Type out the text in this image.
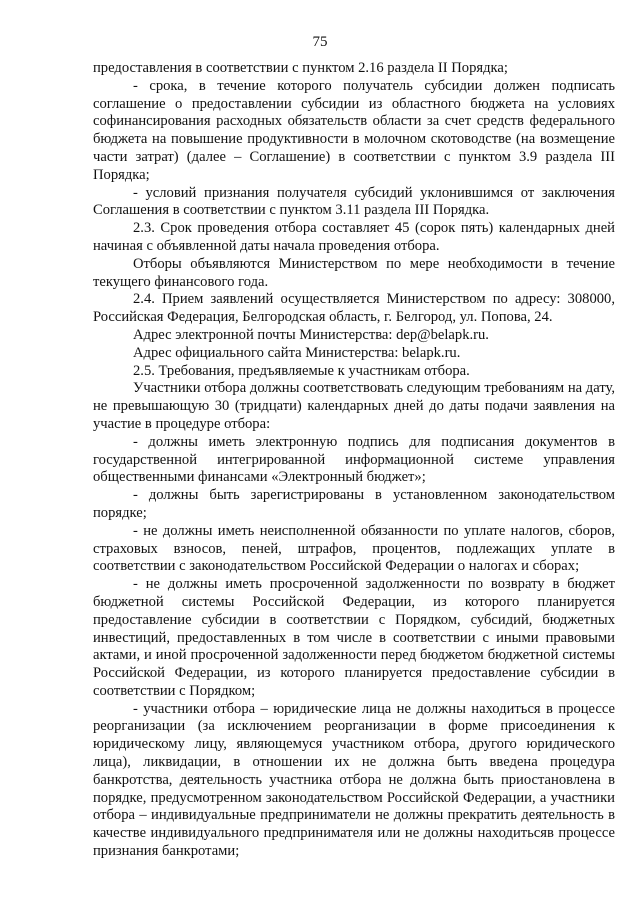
75

предоставления в соответствии с пунктом 2.16 раздела II Порядка;

- срока, в течение которого получатель субсидии должен подписать соглашение о предоставлении субсидии из областного бюджета на условиях софинансирования расходных обязательств области за счет средств федерального бюджета на повышение продуктивности в молочном скотоводстве (на возмещение части затрат) (далее – Соглашение) в соответствии с пунктом 3.9 раздела III Порядка;

- условий признания получателя субсидий уклонившимся от заключения Соглашения в соответствии с пунктом 3.11 раздела III Порядка.

2.3. Срок проведения отбора составляет 45 (сорок пять) календарных дней начиная с объявленной даты начала проведения отбора.

Отборы объявляются Министерством по мере необходимости в течение текущего финансового года.

2.4. Прием заявлений осуществляется Министерством по адресу: 308000, Российская Федерация, Белгородская область, г. Белгород, ул. Попова, 24.

Адрес электронной почты Министерства: dep@belapk.ru.

Адрес официального сайта Министерства: belapk.ru.

2.5. Требования, предъявляемые к участникам отбора.

Участники отбора должны соответствовать следующим требованиям на дату, не превышающую 30 (тридцати) календарных дней до даты подачи заявления на участие в процедуре отбора:

- должны иметь электронную подпись для подписания документов в государственной интегрированной информационной системе управления общественными финансами «Электронный бюджет»;

- должны быть зарегистрированы в установленном законодательством порядке;

- не должны иметь неисполненной обязанности по уплате налогов, сборов, страховых взносов, пеней, штрафов, процентов, подлежащих уплате в соответствии с законодательством Российской Федерации о налогах и сборах;

- не должны иметь просроченной задолженности по возврату в бюджет бюджетной системы Российской Федерации, из которого планируется предоставление субсидии в соответствии с Порядком, субсидий, бюджетных инвестиций, предоставленных в том числе в соответствии с иными правовыми актами, и иной просроченной задолженности перед бюджетом бюджетной системы Российской Федерации, из которого планируется предоставление субсидии в соответствии с Порядком;

- участники отбора – юридические лица не должны находиться в процессе реорганизации (за исключением реорганизации в форме присоединения к юридическому лицу, являющемуся участником отбора, другого юридического лица), ликвидации, в отношении их не должна быть введена процедура банкротства, деятельность участника отбора не должна быть приостановлена в порядке, предусмотренном законодательством Российской Федерации, а участники отбора – индивидуальные предприниматели не должны прекратить деятельность в качестве индивидуального предпринимателя или не должны находитьсяв процессе признания банкротами;
